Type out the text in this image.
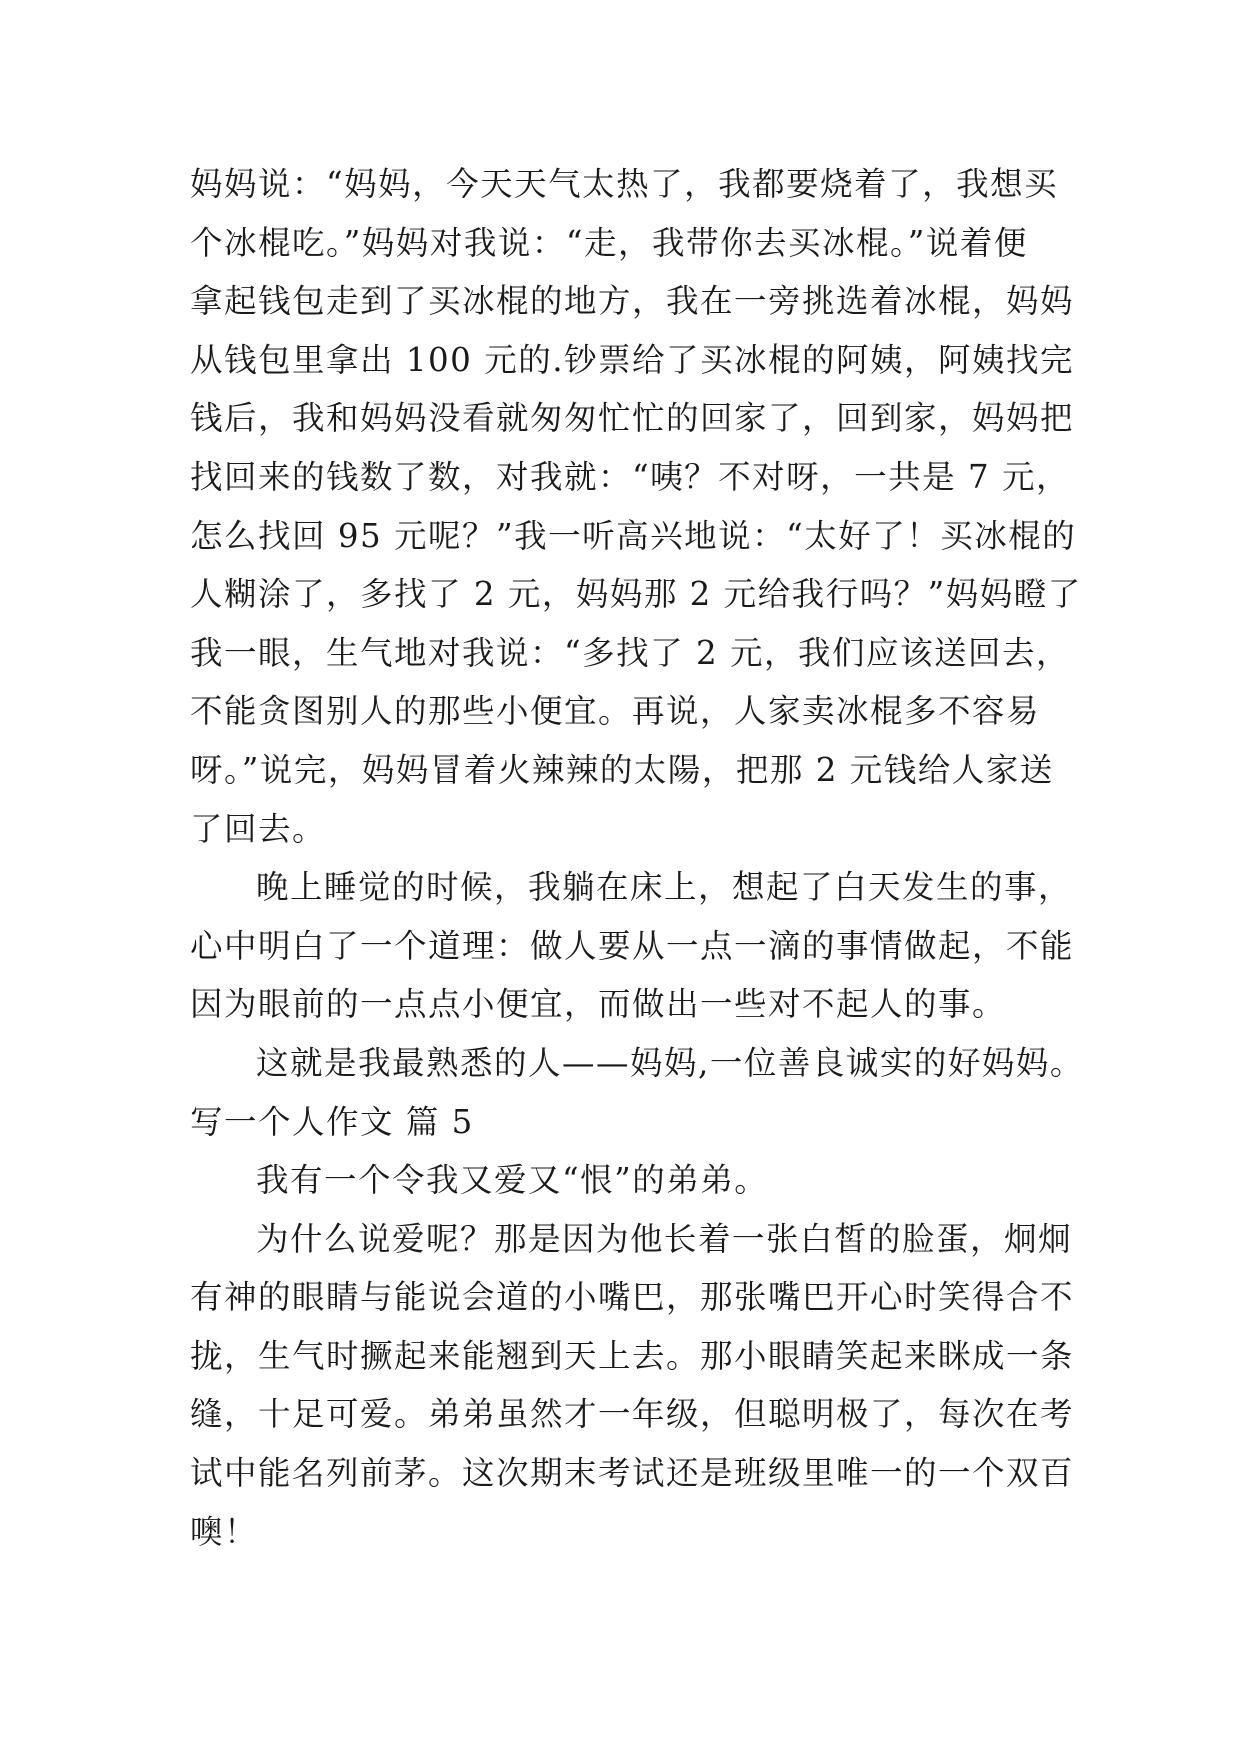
妈妈说：“妈妈，今天天气太热了，我都要烧着了，我想买
个冰棍吃。”妈妈对我说：“走，我带你去买冰棍。”说着便
拿起钱包走到了买冰棍的地方，我在一旁挑选着冰棍，妈妈
从钱包里拿出 100 元的.钞票给了买冰棍的阿姨，阿姨找完
钱后，我和妈妈没看就匆匆忙忙的回家了，回到家，妈妈把
找回来的钱数了数，对我就：“咦？不对呀，一共是 7 元，
怎么找回 95 元呢？”我一听高兴地说：“太好了！买冰棍的
人糊涂了，多找了 2 元，妈妈那 2 元给我行吗？”妈妈瞪了
我一眼，生气地对我说：“多找了 2 元，我们应该送回去，
不能贪图别人的那些小便宜。再说，人家卖冰棍多不容易
呀。”说完，妈妈冒着火辣辣的太陽，把那 2 元钱给人家送
了回去。
晚上睡觉的时候，我躺在床上，想起了白天发生的事，
心中明白了一个道理：做人要从一点一滴的事情做起，不能
因为眼前的一点点小便宜，而做出一些对不起人的事。
这就是我最熟悉的人——妈妈,一位善良诚实的好妈妈。
写一个人作文 篇 5
我有一个令我又爱又“恨”的弟弟。
为什么说爱呢？那是因为他长着一张白皙的脸蛋，炯炯
有神的眼睛与能说会道的小嘴巴，那张嘴巴开心时笑得合不
拢，生气时撅起来能翘到天上去。那小眼睛笑起来眯成一条
缝，十足可爱。弟弟虽然才一年级，但聪明极了，每次在考
试中能名列前茅。这次期末考试还是班级里唯一的一个双百
噢！
